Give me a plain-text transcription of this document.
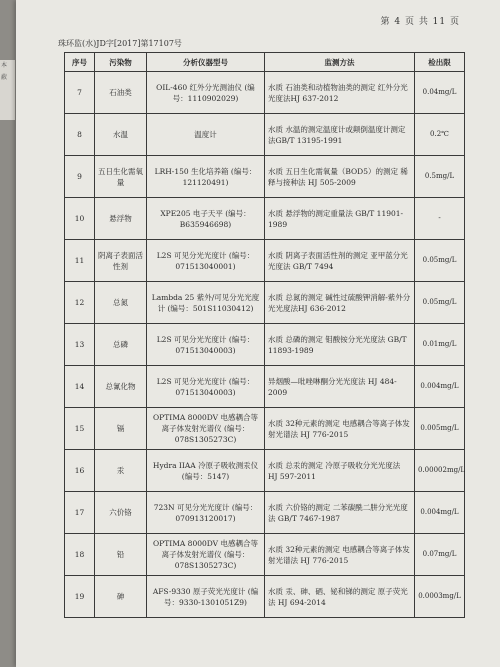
本
蔽
第 4 页 共 11 页
珠环监(水)JD字[2017]第17107号
序号	污染物	分析仪器型号	监测方法	检出限
7	石油类	OIL-460 红外分光测油仪 (编号：1110902029)	水质 石油类和动植物油类的测定 红外分光光度法HJ 637-2012	0.04mg/L
8	水温	温度计	水质 水温的测定温度计或颠倒温度计测定法GB/T 13195-1991	0.2℃
9	五日生化需氧量	LRH-150 生化培养箱 (编号：121120491)	水质 五日生化需氧量（BOD5）的测定 稀释与接种法 HJ 505-2009	0.5mg/L
10	悬浮物	XPE205 电子天平 (编号：B635946698)	水质 悬浮物的测定重量法 GB/T 11901-1989	-
11	阴离子表面活性剂	L2S 可见分光光度计 (编号：071513040001)	水质 阴离子表面活性剂的测定 亚甲蓝分光光度法 GB/T 7494	0.05mg/L
12	总氮	Lambda 25 紫外/可见分光光度计 (编号：501S11030412)	水质 总氮的测定 碱性过硫酸钾消解-紫外分光光度法HJ 636-2012	0.05mg/L
13	总磷	L2S 可见分光光度计 (编号：071513040003)	水质 总磷的测定 钼酸铵分光光度法 GB/T 11893-1989	0.01mg/L
14	总氰化物	L2S 可见分光光度计 (编号：071513040003)	异烟酸—吡唑啉酮分光光度法 HJ 484-2009	0.004mg/L
15	镉	OPTIMA 8000DV 电感耦合等离子体发射光谱仪 (编号：078S1305273C)	水质 32种元素的测定 电感耦合等离子体发射光谱法 HJ 776-2015	0.005mg/L
16	汞	Hydra IIAA 冷原子吸收测汞仪 (编号：5147)	水质 总汞的测定 冷原子吸收分光光度法 HJ 597-2011	0.00002mg/L
17	六价铬	723N 可见分光光度计 (编号：070913120017)	水质 六价铬的测定 二苯碳酰二肼分光光度法 GB/T 7467-1987	0.004mg/L
18	铅	OPTIMA 8000DV 电感耦合等离子体发射光谱仪 (编号：078S1305273C)	水质 32种元素的测定 电感耦合等离子体发射光谱法 HJ 776-2015	0.07mg/L
19	砷	AFS-9330 原子荧光光度计 (编号：9330-1301051Z9)	水质 汞、砷、硒、铋和锑的测定 原子荧光法 HJ 694-2014	0.0003mg/L
